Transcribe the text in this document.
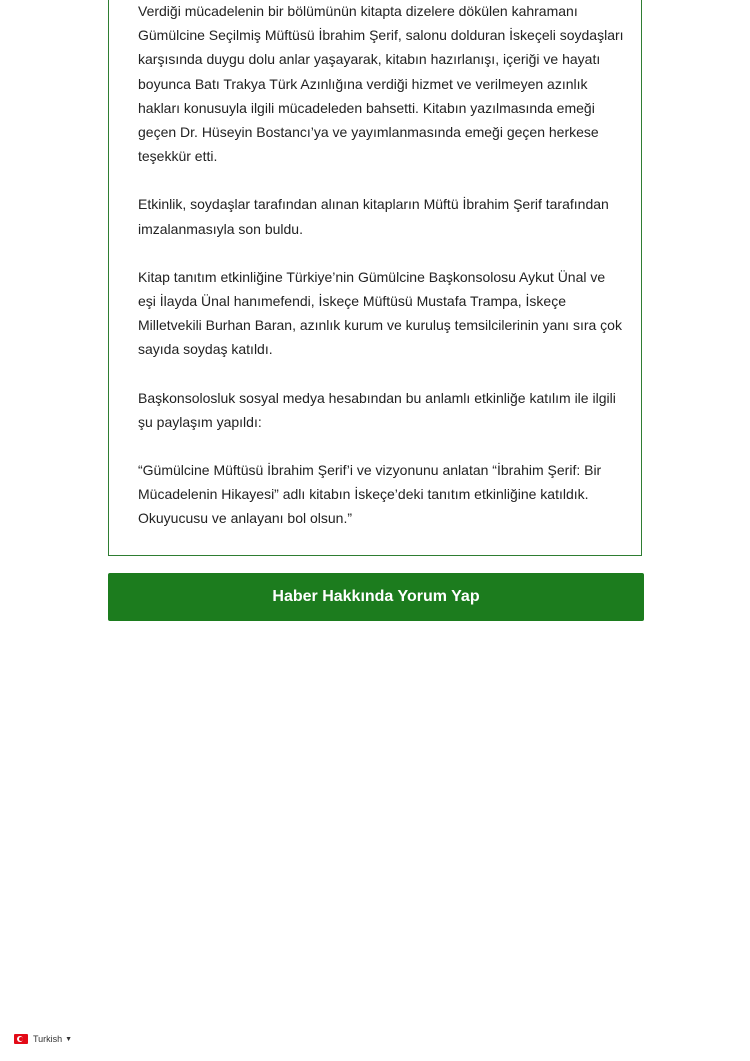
Verdiği mücadelenin bir bölümünün kitapta dizelere dökülen kahramanı Gümülcine Seçilmiş Müftüsü İbrahim Şerif, salonu dolduran İskeçeli soydaşları karşısında duygu dolu anlar yaşayarak, kitabın hazırlanışı, içeriği ve hayatı boyunca Batı Trakya Türk Azınlığına verdiği hizmet ve verilmeyen azınlık hakları konusuyla ilgili mücadeleden bahsetti. Kitabın yazılmasında emeği geçen Dr. Hüseyin Bostancı’ya ve yayımlanmasında emeği geçen herkese teşekkür etti.

Etkinlik, soydaşlar tarafından alınan kitapların Müftü İbrahim Şerif tarafından imzalanmasıyla son buldu.

Kitap tanıtım etkinliğine Türkiye’nin Gümülcine Başkonsolosu Aykut Ünal ve eşi İlayda Ünal hanımefendi, İskeçe Müftüsü Mustafa Trampa, İskeçe Milletvekili Burhan Baran, azınlık kurum ve kuruluş temsilcilerinin yanı sıra çok sayıda soydaş katıldı.

Başkonsolosluk sosyal medya hesabından bu anlamlı etkinliğe katılım ile ilgili şu paylaşım yapıldı:

“Gümülcine Müftüsü İbrahim Şerif’i ve vizyonunu anlatan “İbrahim Şerif: Bir Mücadelenin Hikayesi” adlı kitabın İskeçe’deki tanıtım etkinliğine katıldık. Okuyucusu ve anlayanı bol olsun.”

Haber Hakkında Yorum Yap
Turkish ▼
